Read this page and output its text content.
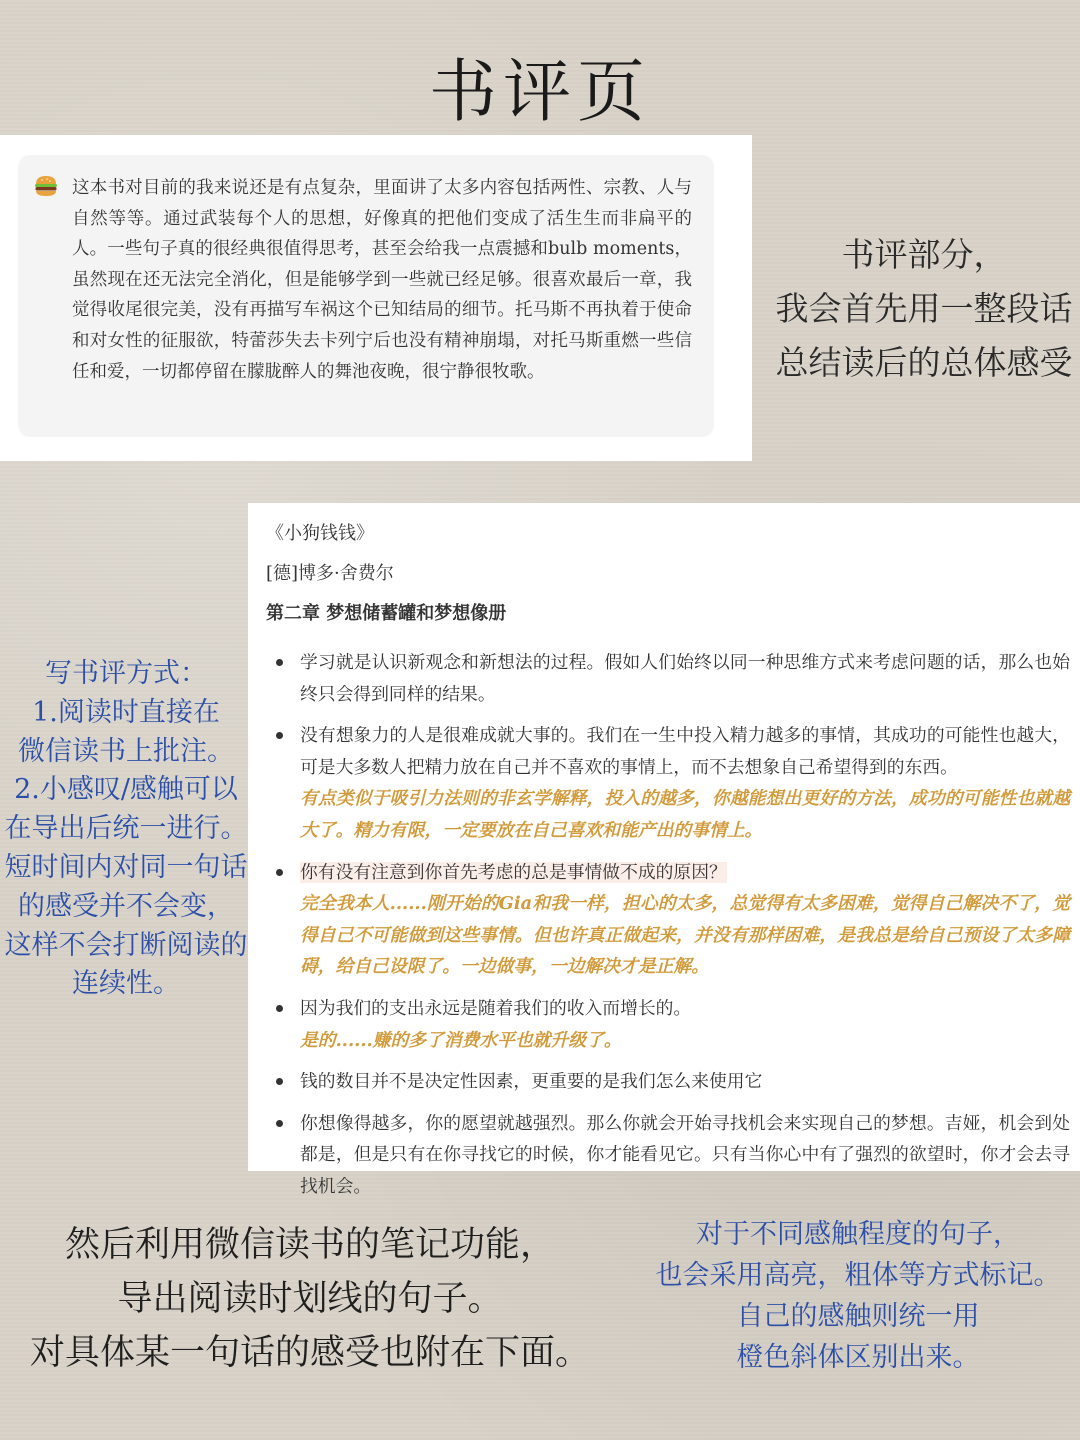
书评页
这本书对目前的我来说还是有点复杂，里面讲了太多内容包括两性、宗教、人与自然等等。通过武装每个人的思想，好像真的把他们变成了活生生而非扁平的人。一些句子真的很经典很值得思考，甚至会给我一点震撼和bulb moments，虽然现在还无法完全消化，但是能够学到一些就已经足够。很喜欢最后一章，我觉得收尾很完美，没有再描写车祸这个已知结局的细节。托马斯不再执着于使命和对女性的征服欲，特蕾莎失去卡列宁后也没有精神崩塌，对托马斯重燃一些信任和爱，一切都停留在朦胧醉人的舞池夜晚，很宁静很牧歌。
书评部分，
我会首先用一整段话
总结读后的总体感受
写书评方式：
1.阅读时直接在
微信读书上批注。
2.小感叹/感触可以
在导出后统一进行。
短时间内对同一句话
的感受并不会变，
这样不会打断阅读的
连续性。
《小狗钱钱》
[德]博多·舍费尔
第二章 梦想储蓄罐和梦想像册
学习就是认识新观念和新想法的过程。假如人们始终以同一种思维方式来考虑问题的话，那么也始终只会得到同样的结果。
没有想象力的人是很难成就大事的。我们在一生中投入精力越多的事情，其成功的可能性也越大，可是大多数人把精力放在自己并不喜欢的事情上，而不去想象自己希望得到的东西。
有点类似于吸引力法则的非玄学解释，投入的越多，你越能想出更好的方法，成功的可能性也就越大了。精力有限，一定要放在自己喜欢和能产出的事情上。
你有没有注意到你首先考虑的总是事情做不成的原因？
完全我本人......刚开始的Gia和我一样，担心的太多，总觉得有太多困难，觉得自己解决不了，觉得自己不可能做到这些事情。但也许真正做起来，并没有那样困难，是我总是给自己预设了太多障碍，给自己设限了。一边做事，一边解决才是正解。
因为我们的支出永远是随着我们的收入而增长的。
是的......赚的多了消费水平也就升级了。
钱的数目并不是决定性因素，更重要的是我们怎么来使用它
你想像得越多，你的愿望就越强烈。那么你就会开始寻找机会来实现自己的梦想。吉娅，机会到处都是，但是只有在你寻找它的时候，你才能看见它。只有当你心中有了强烈的欲望时，你才会去寻找机会。
然后利用微信读书的笔记功能，
导出阅读时划线的句子。
对具体某一句话的感受也附在下面。
对于不同感触程度的句子，
也会采用高亮，粗体等方式标记。
自己的感触则统一用
橙色斜体区别出来。
